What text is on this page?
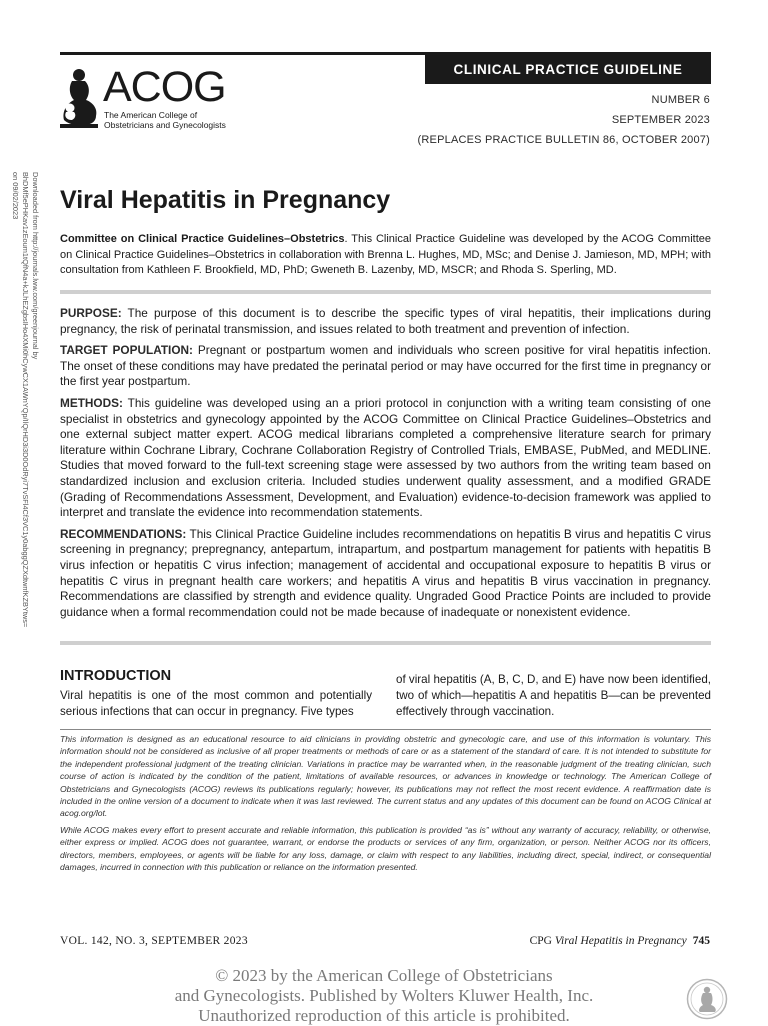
CLINICAL PRACTICE GUIDELINE
ACOG
The American College of
Obstetricians and Gynecologists
NUMBER 6
SEPTEMBER 2023
(REPLACES PRACTICE BULLETIN 86, OCTOBER 2007)
Downloaded from http://journals.lww.com/greenjournal by BhDMf5ePHKav1zEoum1tQfN4a+kJLhEZgbsIHo4XMi0hCywCX1AWnYQp/IlQrHD3i3D0OdRyi7TvSFl4Cf3VC1y0abggQZXdtwnfKZBYtws= on 09/02/2023	Viral Hepatitis in Pregnancy
Committee on Clinical Practice Guidelines–Obstetrics. This Clinical Practice Guideline was developed by the ACOG Committee on Clinical Practice Guidelines–Obstetrics in collaboration with Brenna L. Hughes, MD, MSc; and Denise J. Jamieson, MD, MPH; with consultation from Kathleen F. Brookfield, MD, PhD; Gweneth B. Lazenby, MD, MSCR; and Rhoda S. Sperling, MD.

PURPOSE: The purpose of this document is to describe the specific types of viral hepatitis, their implications during pregnancy, the risk of perinatal transmission, and issues related to both treatment and prevention of infection.

TARGET POPULATION: Pregnant or postpartum women and individuals who screen positive for viral hepatitis infection. The onset of these conditions may have predated the perinatal period or may have occurred for the first time in pregnancy or the first year postpartum.

METHODS: This guideline was developed using an a priori protocol in conjunction with a writing team consisting of one specialist in obstetrics and gynecology appointed by the ACOG Committee on Clinical Practice Guidelines–Obstetrics and one external subject matter expert. ACOG medical librarians completed a comprehensive literature search for primary literature within Cochrane Library, Cochrane Collaboration Registry of Controlled Trials, EMBASE, PubMed, and MEDLINE. Studies that moved forward to the full-text screening stage were assessed by two authors from the writing team based on standardized inclusion and exclusion criteria. Included studies underwent quality assessment, and a modified GRADE (Grading of Recommendations Assessment, Development, and Evaluation) evidence-to-decision framework was applied to interpret and translate the evidence into recommendation statements.

RECOMMENDATIONS: This Clinical Practice Guideline includes recommendations on hepatitis B virus and hepatitis C virus screening in pregnancy; prepregnancy, antepartum, intrapartum, and postpartum management for patients with hepatitis B virus infection or hepatitis C virus infection; management of accidental and occupational exposure to hepatitis B virus or hepatitis C virus in pregnant health care workers; and hepatitis A virus and hepatitis B virus vaccination in pregnancy. Recommendations are classified by strength and evidence quality. Ungraded Good Practice Points are included to provide guidance when a formal recommendation could not be made because of inadequate or nonexistent evidence.

INTRODUCTION

Viral hepatitis is one of the most common and potentially serious infections that can occur in pregnancy. Five types

of viral hepatitis (A, B, C, D, and E) have now been identified, two of which—hepatitis A and hepatitis B—can be prevented effectively through vaccination.

This information is designed as an educational resource to aid clinicians in providing obstetric and gynecologic care, and use of this information is voluntary. This information should not be considered as inclusive of all proper treatments or methods of care or as a statement of the standard of care. It is not intended to substitute for the independent professional judgment of the treating clinician. Variations in practice may be warranted when, in the reasonable judgment of the treating clinician, such course of action is indicated by the condition of the patient, limitations of available resources, or advances in knowledge or technology. The American College of Obstetricians and Gynecologists (ACOG) reviews its publications regularly; however, its publications may not reflect the most recent evidence. A reaffirmation date is included in the online version of a document to indicate when it was last reviewed. The current status and any updates of this document can be found on ACOG Clinical at acog.org/lot.

While ACOG makes every effort to present accurate and reliable information, this publication is provided “as is” without any warranty of accuracy, reliability, or otherwise, either express or implied. ACOG does not guarantee, warrant, or endorse the products or services of any firm, organization, or person. Neither ACOG nor its officers, directors, members, employees, or agents will be liable for any loss, damage, or claim with respect to any liabilities, including direct, special, indirect, or consequential damages, incurred in connection with this publication or reliance on the information presented.

VOL. 142, NO. 3, SEPTEMBER 2023	CPG Viral Hepatitis in Pregnancy 745
© 2023 by the American College of Obstetricians
and Gynecologists. Published by Wolters Kluwer Health, Inc.
Unauthorized reproduction of this article is prohibited.
